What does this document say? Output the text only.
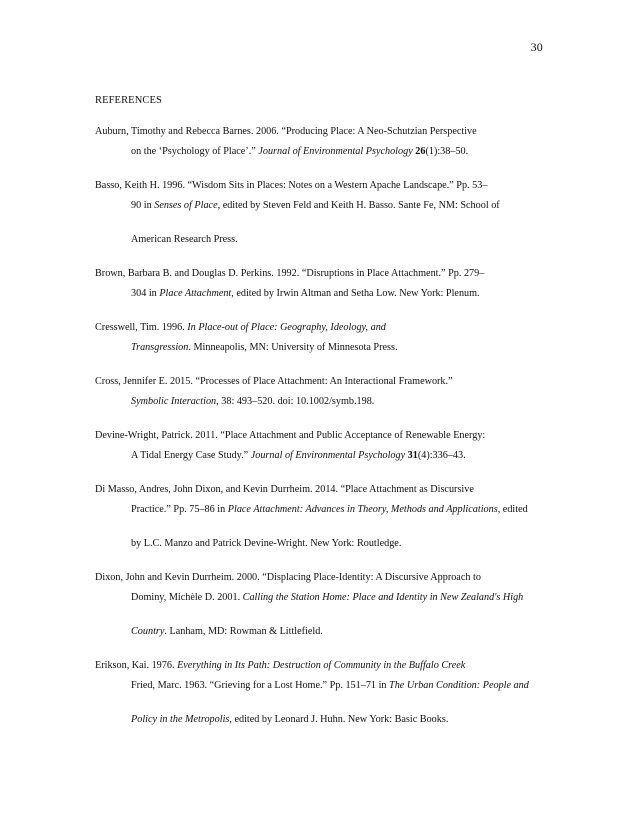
30
REFERENCES
Auburn, Timothy and Rebecca Barnes. 2006. “Producing Place: A Neo-Schutzian Perspective
on the ‘Psychology of Place’.” Journal of Environmental Psychology 26(1):38–50.
Basso, Keith H. 1996. “Wisdom Sits in Places: Notes on a Western Apache Landscape.” Pp. 53–
90 in Senses of Place, edited by Steven Feld and Keith H. Basso. Sante Fe, NM: School of
American Research Press.
Brown, Barbara B. and Douglas D. Perkins. 1992. “Disruptions in Place Attachment.” Pp. 279–
304 in Place Attachment, edited by Irwin Altman and Setha Low. New York: Plenum.
Cresswell, Tim. 1996. In Place-out of Place: Geography, Ideology, and
Transgression. Minneapolis, MN: University of Minnesota Press.
Cross, Jennifer E. 2015. “Processes of Place Attachment: An Interactional Framework.”
Symbolic Interaction, 38: 493–520. doi: 10.1002/symb.198.
Devine-Wright, Patrick. 2011. “Place Attachment and Public Acceptance of Renewable Energy:
A Tidal Energy Case Study.” Journal of Environmental Psychology 31(4):336–43.
Di Masso, Andres, John Dixon, and Kevin Durrheim. 2014. “Place Attachment as Discursive
Practice.” Pp. 75–86 in Place Attachment: Advances in Theory, Methods and Applications, edited
by L.C. Manzo and Patrick Devine-Wright. New York: Routledge.
Dixon, John and Kevin Durrheim. 2000. “Displacing Place-Identity: A Discursive Approach to
Dominy, Michèle D. 2001. Calling the Station Home: Place and Identity in New Zealand's High
Country. Lanham, MD: Rowman & Littlefield.
Erikson, Kai. 1976. Everything in Its Path: Destruction of Community in the Buffalo Creek
Fried, Marc. 1963. “Grieving for a Lost Home.” Pp. 151–71 in The Urban Condition: People and
Policy in the Metropolis, edited by Leonard J. Huhn. New York: Basic Books.
